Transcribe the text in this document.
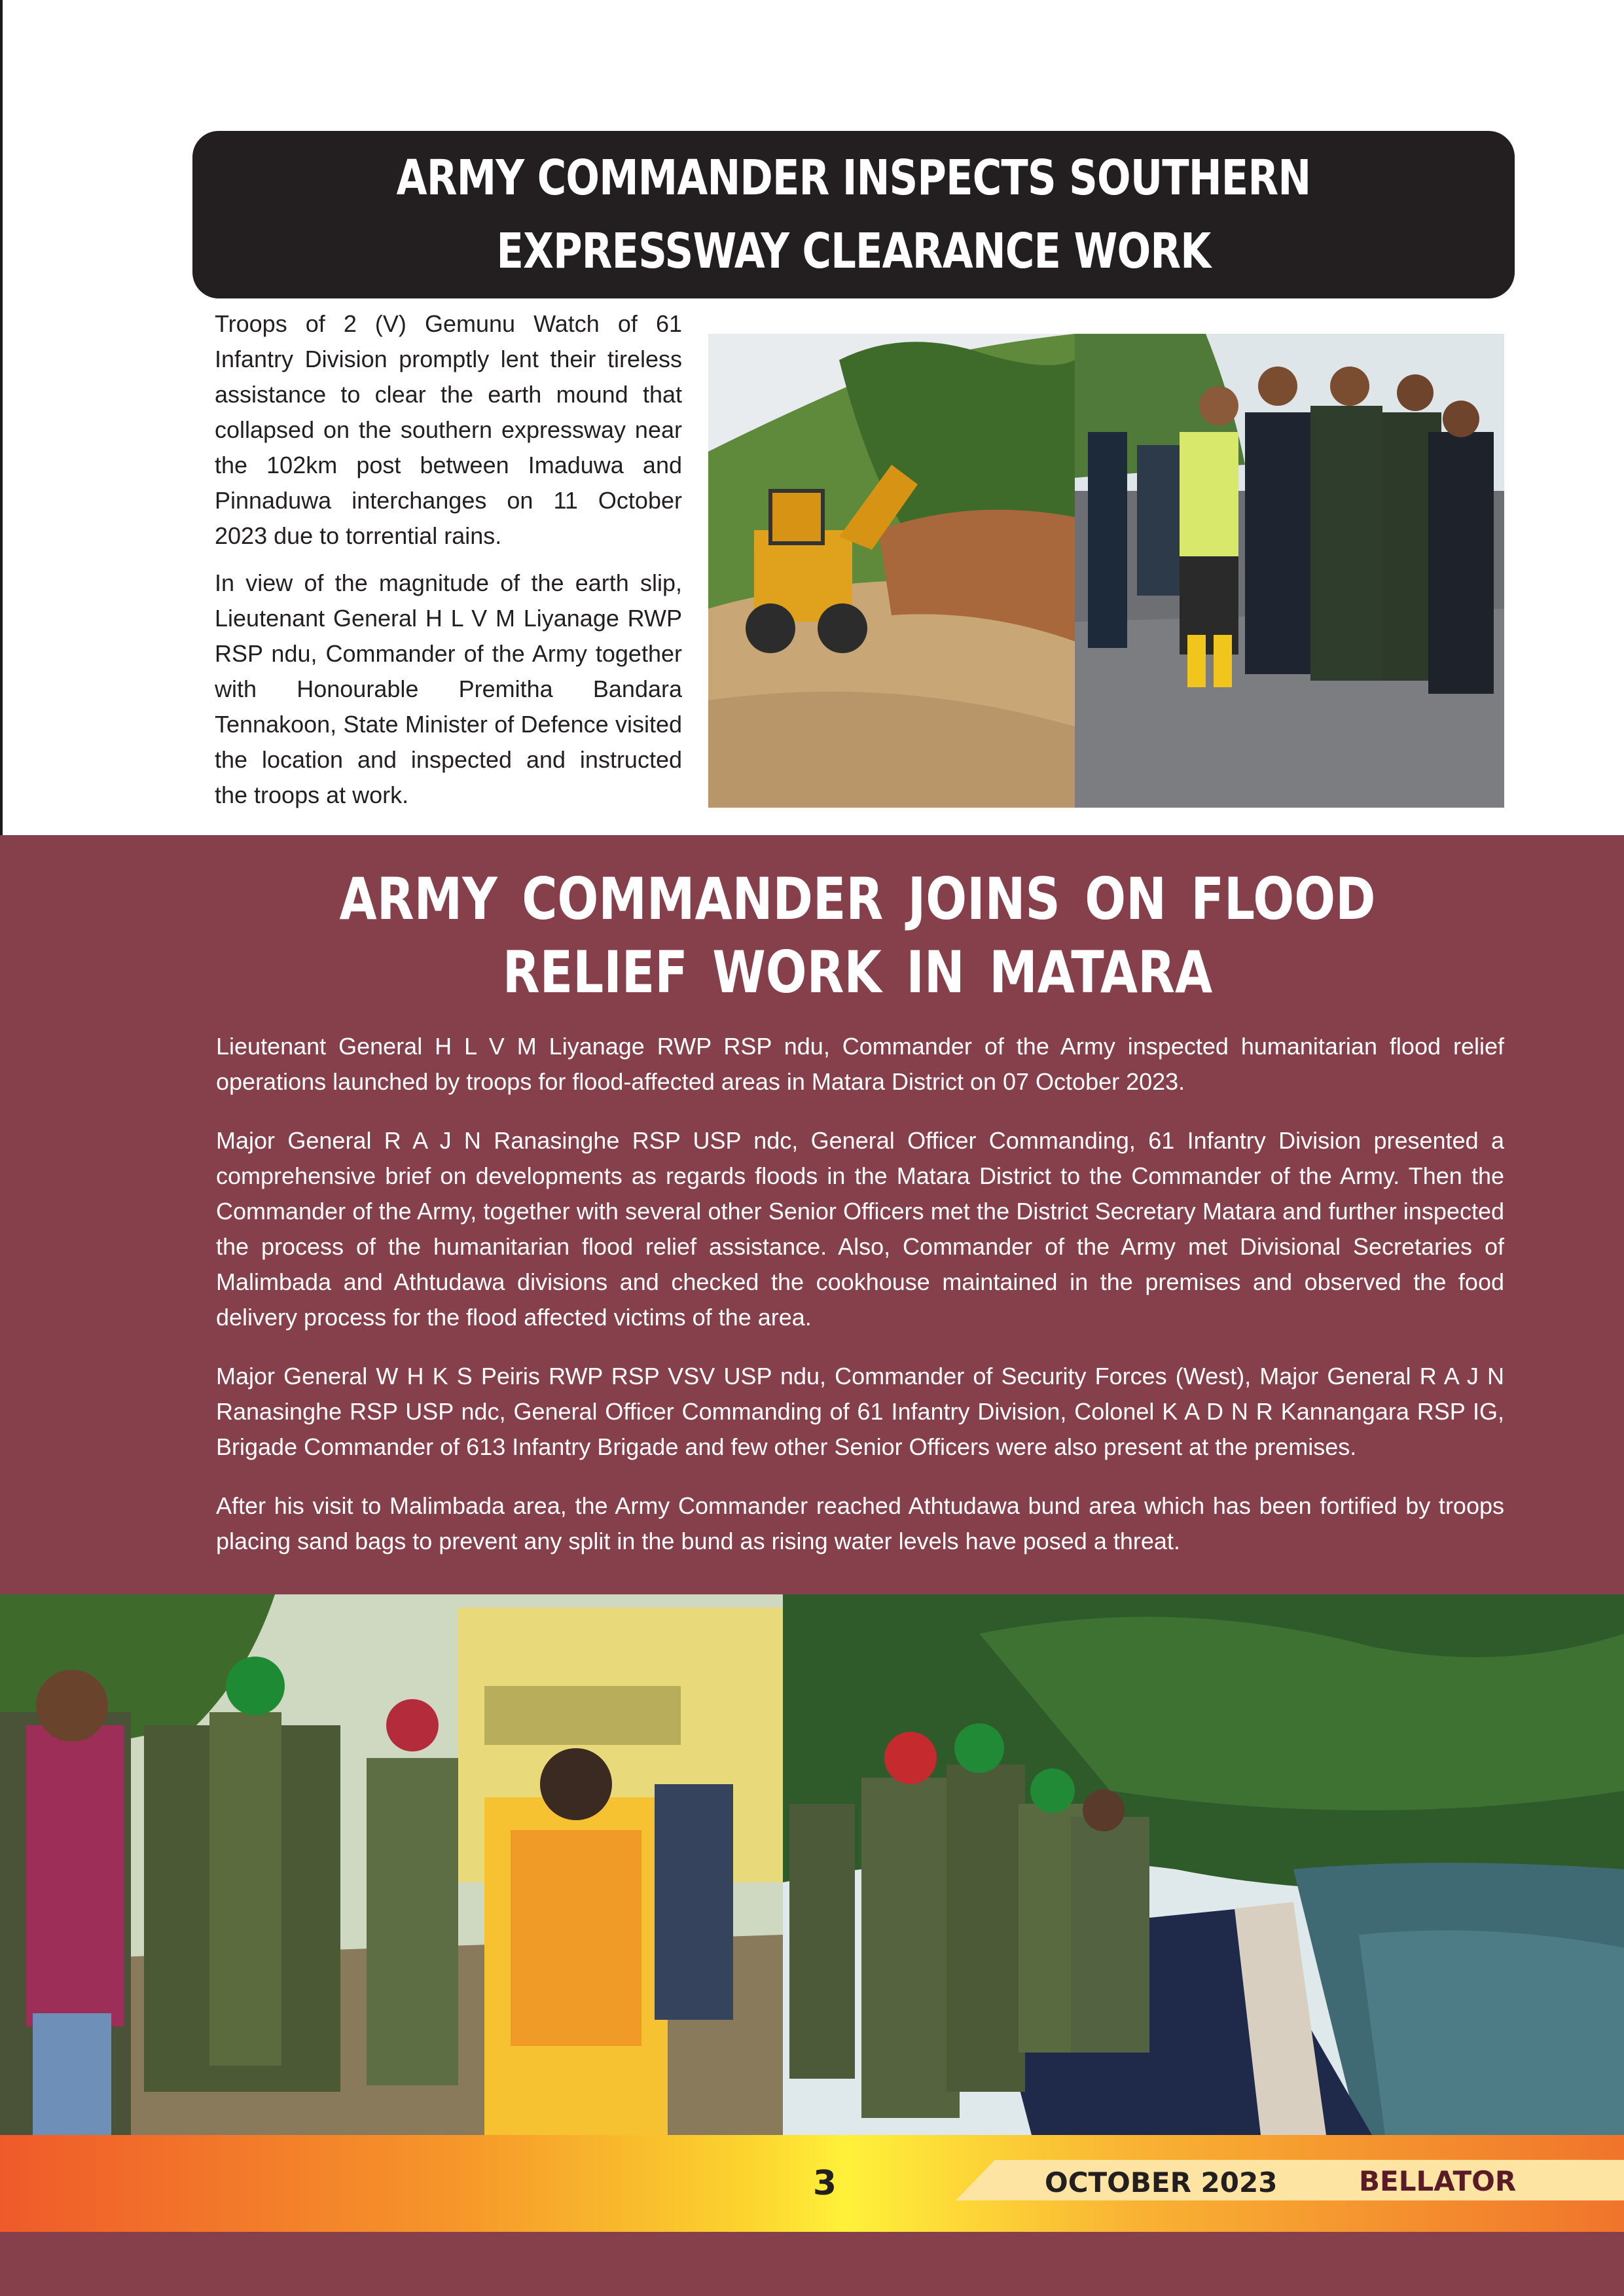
ARMY COMMANDER INSPECTS SOUTHERN EXPRESSWAY CLEARANCE WORK

Troops of 2 (V) Gemunu Watch of 61 Infantry Division promptly lent their tireless assistance to clear the earth mound that collapsed on the southern expressway near the 102km post between Imaduwa and Pinnaduwa interchanges on 11 October 2023 due to torrential rains.

In view of the magnitude of the earth slip, Lieutenant General H L V M Liyanage RWP RSP ndu, Commander of the Army together with Honourable Premitha Bandara Tennakoon, State Minister of Defence visited the location and inspected and instructed the troops at work.

ARMY COMMANDER JOINS ON FLOOD RELIEF WORK IN MATARA

Lieutenant General H L V M Liyanage RWP RSP ndu, Commander of the Army inspected humanitarian flood relief operations launched by troops for flood-affected areas in Matara District on 07 October 2023.

Major General R A J N Ranasinghe RSP USP ndc, General Officer Commanding, 61 Infantry Division presented a comprehensive brief on developments as regards floods in the Matara District to the Commander of the Army. Then the Commander of the Army, together with several other Senior Officers met the District Secretary Matara and further inspected the process of the humanitarian flood relief assistance. Also, Commander of the Army met Divisional Secretaries of Malimbada and Athtudawa divisions and checked the cookhouse maintained in the premises and observed the food delivery process for the flood affected victims of the area.

Major General W H K S Peiris RWP RSP VSV USP ndu, Commander of Security Forces (West), Major General R A J N Ranasinghe RSP USP ndc, General Officer Commanding of 61 Infantry Division, Colonel K A D N R Kannangara RSP IG, Brigade Commander of 613 Infantry Brigade and few other Senior Officers were also present at the premises.

After his visit to Malimbada area, the Army Commander reached Athtudawa bund area which has been fortified by troops placing sand bags to prevent any split in the bund as rising water levels have posed a threat.

3	OCTOBER 2023	BELLATOR
